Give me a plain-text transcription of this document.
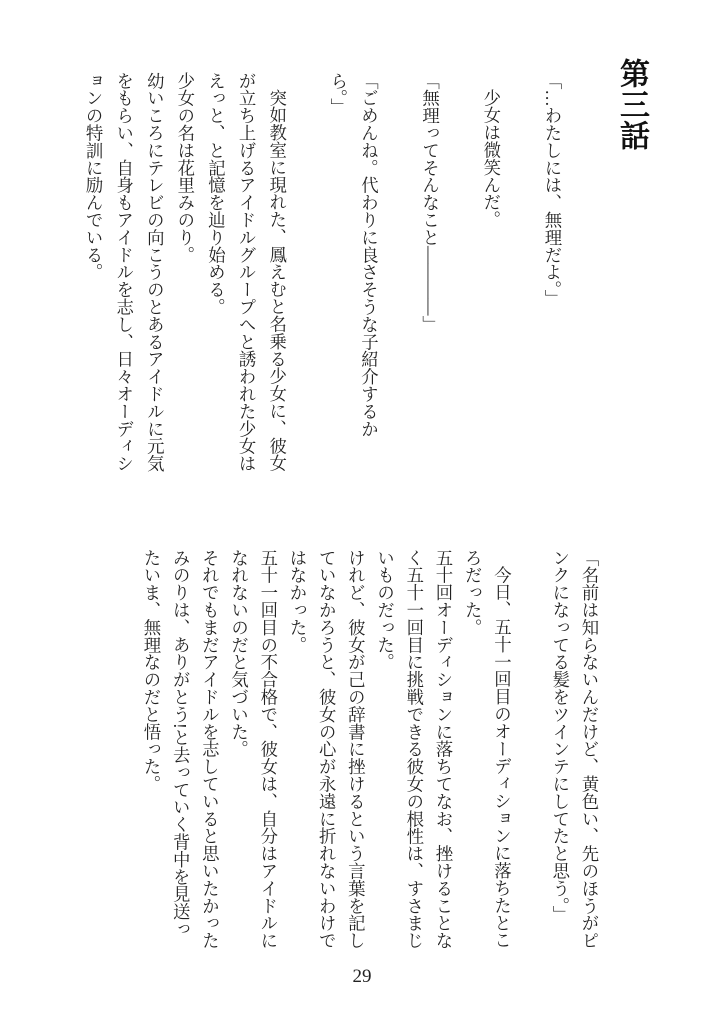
第三話
「…わたしには、無理だよ。」
少女は微笑んだ。
「無理ってそんなこと――――」
「ごめんね。代わりに良さそうな子紹介するか
ら。」
突如教室に現れた、鳳えむと名乗る少女に、彼女
が立ち上げるアイドルグループへと誘われた少女は
えっと、と記憶を辿り始める。
少女の名は花里みのり。
幼いころにテレビの向こうのとあるアイドルに元気
をもらい、自身もアイドルを志し、日々オーディシ
ョンの特訓に励んでいる。
「名前は知らないんだけど、黄色い、先のほうがピ
ンクになってる髪をツインテにしてたと思う。」
今日、五十一回目のオーディションに落ちたとこ
ろだった。
五十回オーディションに落ちてなお、挫けることな
く五十一回目に挑戦できる彼女の根性は、すさまじ
いものだった。
けれど、彼女が己の辞書に挫けるという言葉を記し
ていなかろうと、彼女の心が永遠に折れないわけで
はなかった。
五十一回目の不合格で、彼女は、自分はアイドルに
なれないのだと気づいた。
それでもまだアイドルを志していると思いたかった
みのりは、ありがとう!と去っていく背中を見送っ
たいま、無理なのだと悟った。
29
